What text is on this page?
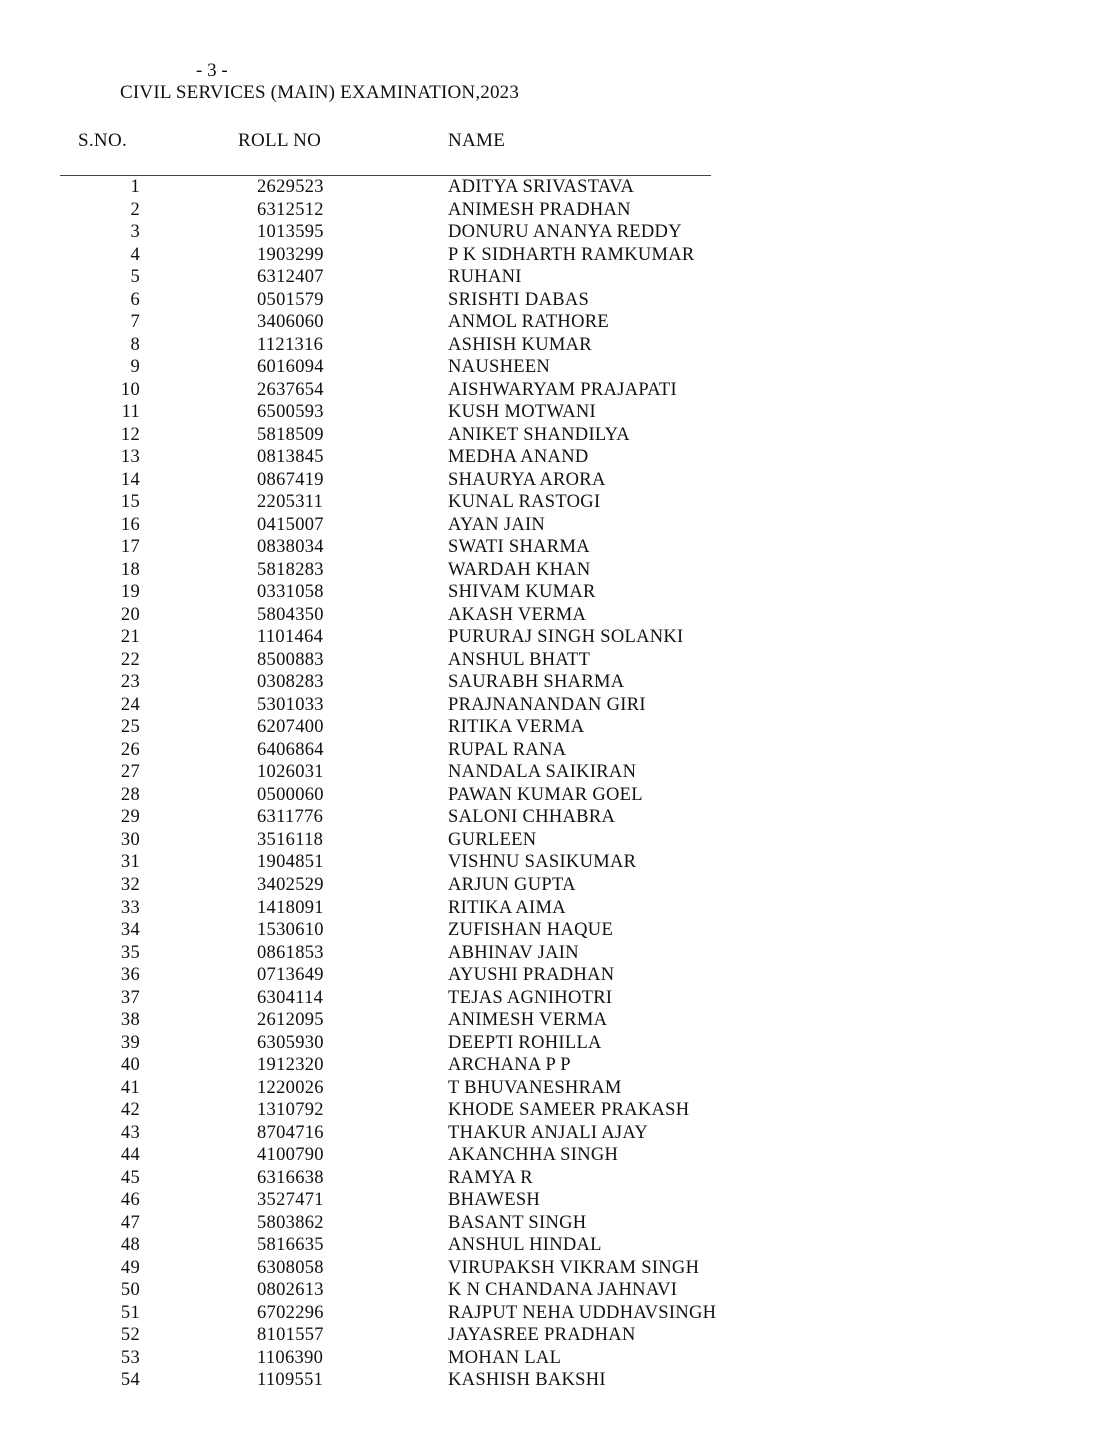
- 3 -
CIVIL SERVICES (MAIN) EXAMINATION,2023
S.NO.	ROLL NO	NAME
1	2629523	ADITYA SRIVASTAVA
2	6312512	ANIMESH PRADHAN
3	1013595	DONURU ANANYA REDDY
4	1903299	P K SIDHARTH RAMKUMAR
5	6312407	RUHANI
6	0501579	SRISHTI DABAS
7	3406060	ANMOL RATHORE
8	1121316	ASHISH KUMAR
9	6016094	NAUSHEEN
10	2637654	AISHWARYAM PRAJAPATI
11	6500593	KUSH MOTWANI
12	5818509	ANIKET SHANDILYA
13	0813845	MEDHA ANAND
14	0867419	SHAURYA ARORA
15	2205311	KUNAL RASTOGI
16	0415007	AYAN JAIN
17	0838034	SWATI SHARMA
18	5818283	WARDAH KHAN
19	0331058	SHIVAM KUMAR
20	5804350	AKASH VERMA
21	1101464	PURURAJ SINGH SOLANKI
22	8500883	ANSHUL BHATT
23	0308283	SAURABH SHARMA
24	5301033	PRAJNANANDAN GIRI
25	6207400	RITIKA VERMA
26	6406864	RUPAL RANA
27	1026031	NANDALA SAIKIRAN
28	0500060	PAWAN KUMAR GOEL
29	6311776	SALONI CHHABRA
30	3516118	GURLEEN
31	1904851	VISHNU SASIKUMAR
32	3402529	ARJUN GUPTA
33	1418091	RITIKA AIMA
34	1530610	ZUFISHAN HAQUE
35	0861853	ABHINAV JAIN
36	0713649	AYUSHI PRADHAN
37	6304114	TEJAS AGNIHOTRI
38	2612095	ANIMESH VERMA
39	6305930	DEEPTI ROHILLA
40	1912320	ARCHANA P P
41	1220026	T BHUVANESHRAM
42	1310792	KHODE SAMEER PRAKASH
43	8704716	THAKUR ANJALI AJAY
44	4100790	AKANCHHA SINGH
45	6316638	RAMYA R
46	3527471	BHAWESH
47	5803862	BASANT SINGH
48	5816635	ANSHUL HINDAL
49	6308058	VIRUPAKSH VIKRAM SINGH
50	0802613	K N CHANDANA JAHNAVI
51	6702296	RAJPUT NEHA UDDHAVSINGH
52	8101557	JAYASREE PRADHAN
53	1106390	MOHAN LAL
54	1109551	KASHISH BAKSHI
